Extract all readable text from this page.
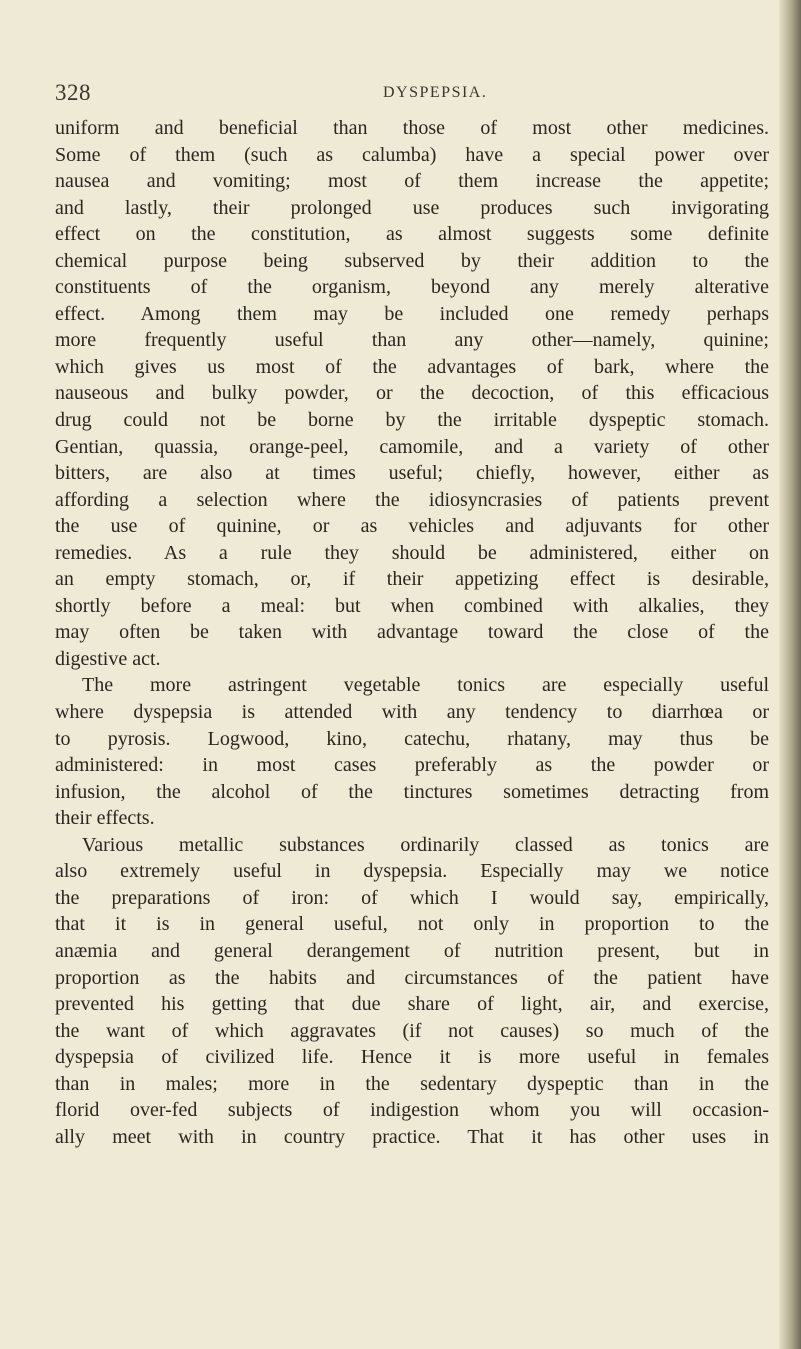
328	DYSPEPSIA.
uniform and beneficial than those of most other medicines.
Some of them (such as calumba) have a special power over
nausea and vomiting; most of them increase the appetite;
and lastly, their prolonged use produces such invigorating
effect on the constitution, as almost suggests some definite
chemical purpose being subserved by their addition to the
constituents of the organism, beyond any merely alterative
effect. Among them may be included one remedy perhaps
more frequently useful than any other—namely, quinine;
which gives us most of the advantages of bark, where the
nauseous and bulky powder, or the decoction, of this efficacious
drug could not be borne by the irritable dyspeptic stomach.
Gentian, quassia, orange-peel, camomile, and a variety of other
bitters, are also at times useful; chiefly, however, either as
affording a selection where the idiosyncrasies of patients prevent
the use of quinine, or as vehicles and adjuvants for other
remedies. As a rule they should be administered, either on
an empty stomach, or, if their appetizing effect is desirable,
shortly before a meal: but when combined with alkalies, they
may often be taken with advantage toward the close of the
digestive act.
The more astringent vegetable tonics are especially useful
where dyspepsia is attended with any tendency to diarrhœa or
to pyrosis. Logwood, kino, catechu, rhatany, may thus be
administered: in most cases preferably as the powder or
infusion, the alcohol of the tinctures sometimes detracting from
their effects.
Various metallic substances ordinarily classed as tonics are
also extremely useful in dyspepsia. Especially may we notice
the preparations of iron: of which I would say, empirically,
that it is in general useful, not only in proportion to the
anæmia and general derangement of nutrition present, but in
proportion as the habits and circumstances of the patient have
prevented his getting that due share of light, air, and exercise,
the want of which aggravates (if not causes) so much of the
dyspepsia of civilized life. Hence it is more useful in females
than in males; more in the sedentary dyspeptic than in the
florid over-fed subjects of indigestion whom you will occasion-
ally meet with in country practice. That it has other uses in
